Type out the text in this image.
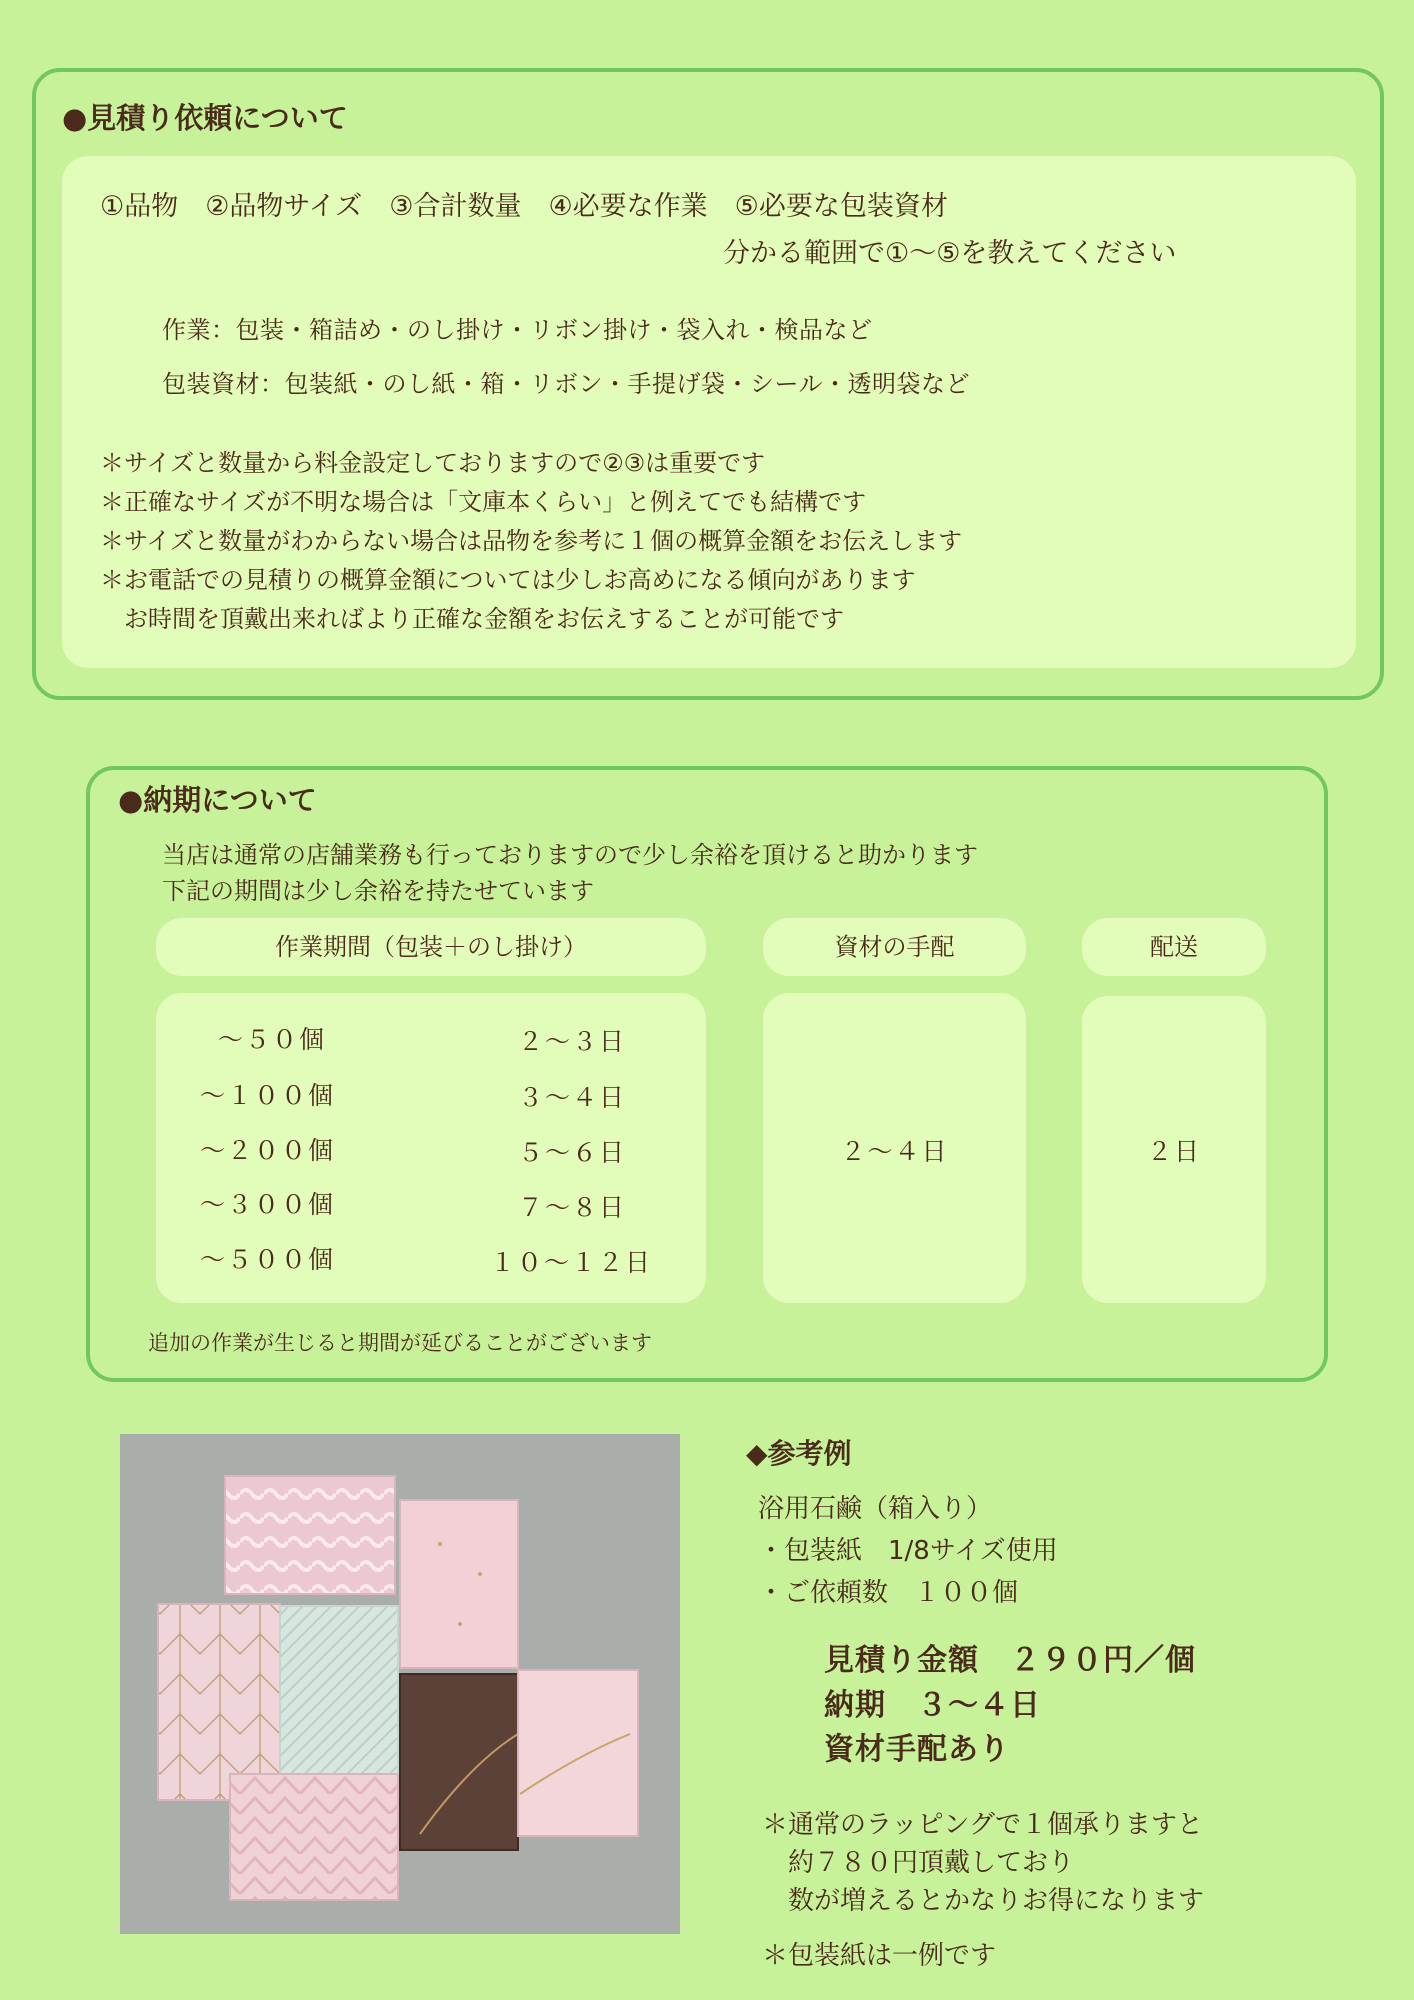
●見積り依頼について
①品物　②品物サイズ　③合計数量　④必要な作業　⑤必要な包装資材
分かる範囲で①～⑤を教えてください
作業：包装・箱詰め・のし掛け・リボン掛け・袋入れ・検品など
包装資材：包装紙・のし紙・箱・リボン・手提げ袋・シール・透明袋など
＊サイズと数量から料金設定しておりますので②③は重要です
＊正確なサイズが不明な場合は「文庫本くらい」と例えてでも結構です
＊サイズと数量がわからない場合は品物を参考に１個の概算金額をお伝えします
＊お電話での見積りの概算金額については少しお高めになる傾向があります
　お時間を頂戴出来ればより正確な金額をお伝えすることが可能です
●納期について
当店は通常の店舗業務も行っておりますので少し余裕を頂けると助かります
下記の期間は少し余裕を持たせています
作業期間（包装＋のし掛け）	資材の手配	配送
～５０個	２～３日
～１００個	３～４日
～２００個	５～６日
～３００個	７～８日
～５００個	１０～１２日
２～４日	２日
追加の作業が生じると期間が延びることがございます
◆参考例
浴用石鹸（箱入り）
・包装紙　1/8サイズ使用
・ご依頼数　１００個
見積り金額　２９０円／個
納期　３～４日
資材手配あり
＊通常のラッピングで１個承りますと
　約７８０円頂戴しており
　数が増えるとかなりお得になります
＊包装紙は一例です
